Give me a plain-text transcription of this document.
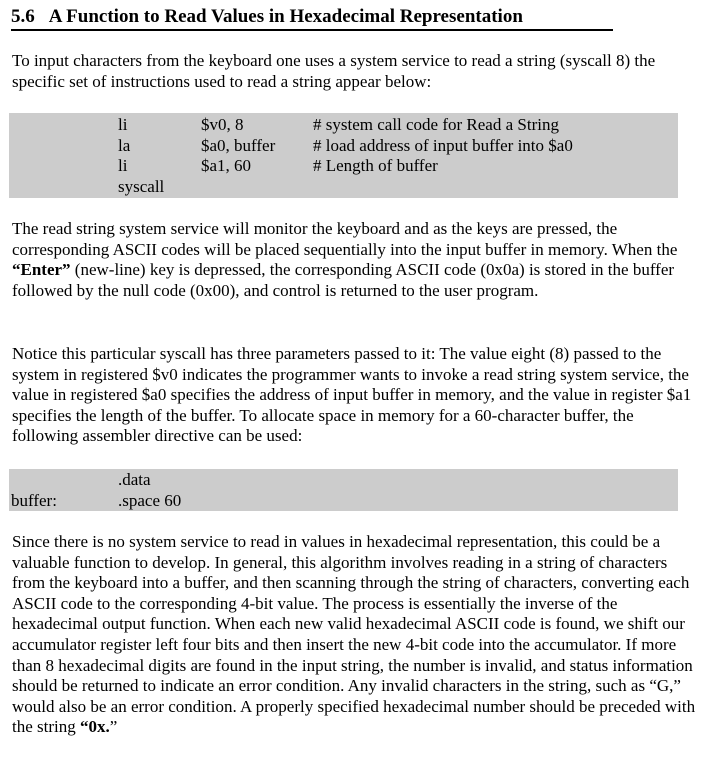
5.6 A Function to Read Values in Hexadecimal Representation

To input characters from the keyboard one uses a system service to read a string (syscall 8) the specific set of instructions used to read a string appear below:

li	$v0, 8	# system call code for Read a String
la	$a0, buffer # load address of input buffer into $a0
li	$a1, 60	# Length of buffer
syscall

The read string system service will monitor the keyboard and as the keys are pressed, the corresponding ASCII codes will be placed sequentially into the input buffer in memory. When the “Enter” (new-line) key is depressed, the corresponding ASCII code (0x0a) is stored in the buffer followed by the null code (0x00), and control is returned to the user program.

Notice this particular syscall has three parameters passed to it: The value eight (8) passed to the system in registered $v0 indicates the programmer wants to invoke a read string system service, the value in registered $a0 specifies the address of input buffer in memory, and the value in register $a1 specifies the length of the buffer. To allocate space in memory for a 60-character buffer, the following assembler directive can be used:

.data
buffer:	.space 60

Since there is no system service to read in values in hexadecimal representation, this could be a valuable function to develop. In general, this algorithm involves reading in a string of characters from the keyboard into a buffer, and then scanning through the string of characters, converting each ASCII code to the corresponding 4-bit value. The process is essentially the inverse of the hexadecimal output function. When each new valid hexadecimal ASCII code is found, we shift our accumulator register left four bits and then insert the new 4-bit code into the accumulator. If more than 8 hexadecimal digits are found in the input string, the number is invalid, and status information should be returned to indicate an error condition. Any invalid characters in the string, such as “G,” would also be an error condition. A properly specified hexadecimal number should be preceded with the string “0x.”
